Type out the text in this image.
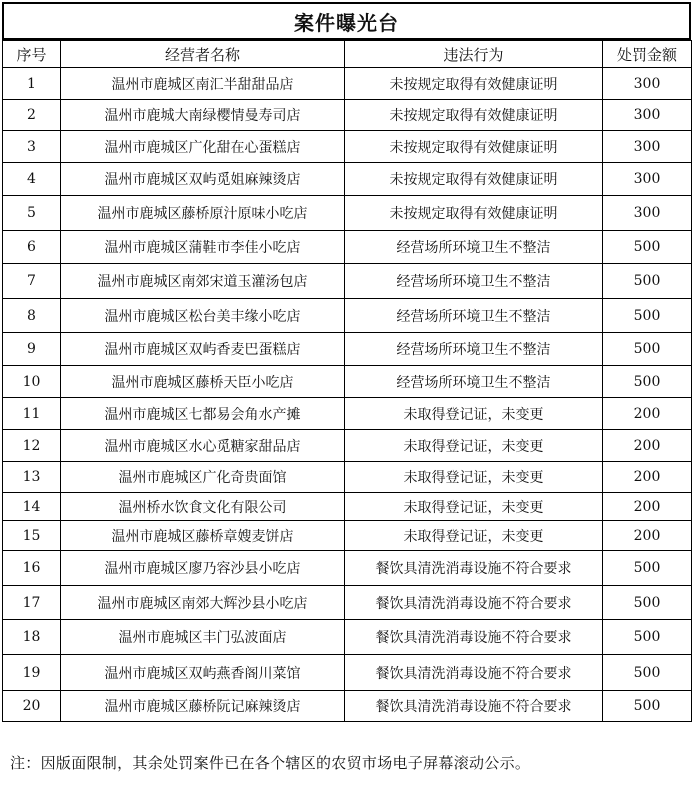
案件曝光台
序号	经营者名称	违法行为	处罚金额
1	温州市鹿城区南汇半甜甜品店	未按规定取得有效健康证明	300
2	温州市鹿城大南绿樱情曼寿司店	未按规定取得有效健康证明	300
3	温州市鹿城区广化甜在心蛋糕店	未按规定取得有效健康证明	300
4	温州市鹿城区双屿觅姐麻辣烫店	未按规定取得有效健康证明	300
5	温州市鹿城区藤桥原汁原味小吃店	未按规定取得有效健康证明	300
6	温州市鹿城区蒲鞋市李佳小吃店	经营场所环境卫生不整洁	500
7	温州市鹿城区南郊宋道玉灌汤包店	经营场所环境卫生不整洁	500
8	温州市鹿城区松台美丰缘小吃店	经营场所环境卫生不整洁	500
9	温州市鹿城区双屿香麦巴蛋糕店	经营场所环境卫生不整洁	500
10	温州市鹿城区藤桥天臣小吃店	经营场所环境卫生不整洁	500
11	温州市鹿城区七都易会角水产摊	未取得登记证，未变更	200
12	温州市鹿城区水心觅糖家甜品店	未取得登记证，未变更	200
13	温州市鹿城区广化奇贵面馆	未取得登记证，未变更	200
14	温州桥水饮食文化有限公司	未取得登记证，未变更	200
15	温州市鹿城区藤桥章嫂麦饼店	未取得登记证，未变更	200
16	温州市鹿城区廖乃容沙县小吃店	餐饮具清洗消毒设施不符合要求	500
17	温州市鹿城区南郊大辉沙县小吃店	餐饮具清洗消毒设施不符合要求	500
18	温州市鹿城区丰门弘波面店	餐饮具清洗消毒设施不符合要求	500
19	温州市鹿城区双屿燕香阁川菜馆	餐饮具清洗消毒设施不符合要求	500
20	温州市鹿城区藤桥阮记麻辣烫店	餐饮具清洗消毒设施不符合要求	500
注：因版面限制，其余处罚案件已在各个辖区的农贸市场电子屏幕滚动公示。
